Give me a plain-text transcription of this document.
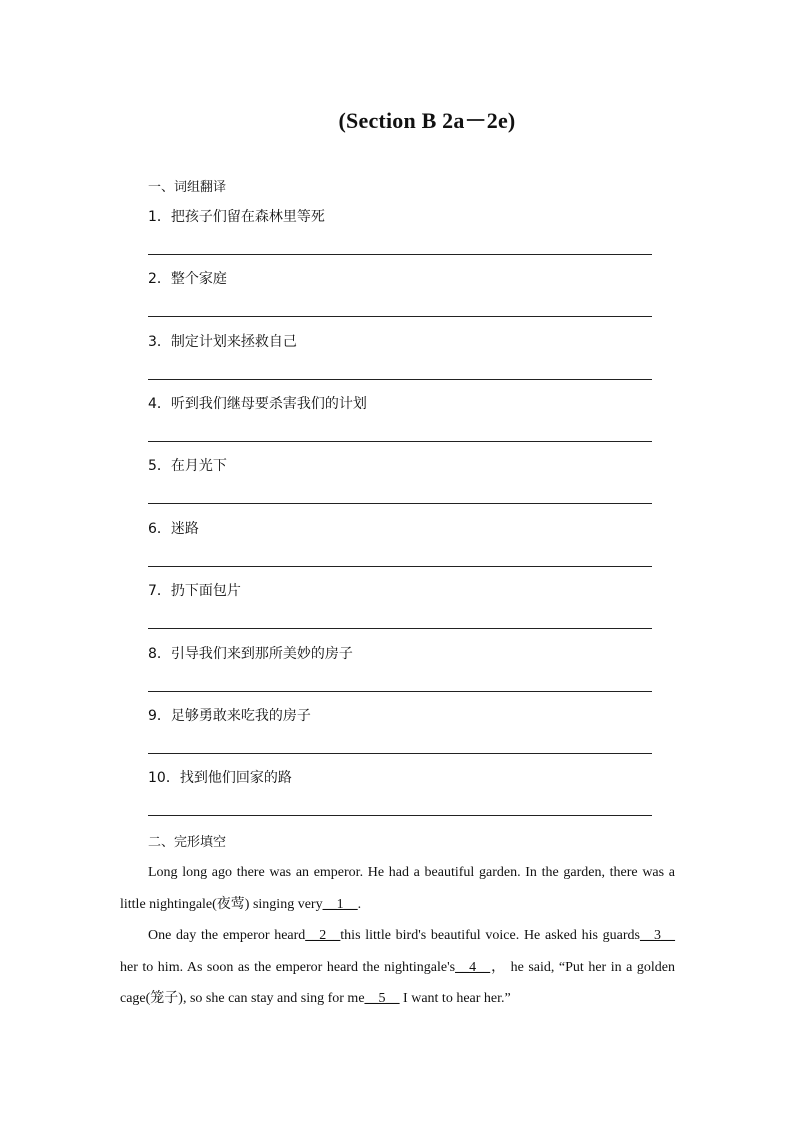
(Section B 2a－2e)
一、词组翻译
1．把孩子们留在森林里等死
2．整个家庭
3．制定计划来拯救自己
4．听到我们继母要杀害我们的计划
5．在月光下
6．迷路
7．扔下面包片
8．引导我们来到那所美妙的房子
9．足够勇敢来吃我的房子
10．找到他们回家的路
二、完形填空

Long long ago there was an emperor. He had a beautiful garden. In the garden, there was a little nightingale(夜莺) singing very__1__.

One day the emperor heard__2__this little bird's beautiful voice. He asked his guards__3__ her to him. As soon as the emperor heard the nightingale's__4__， he said, “Put her in a golden cage(笼子), so she can stay and sing for me__5__ I want to hear her.”
